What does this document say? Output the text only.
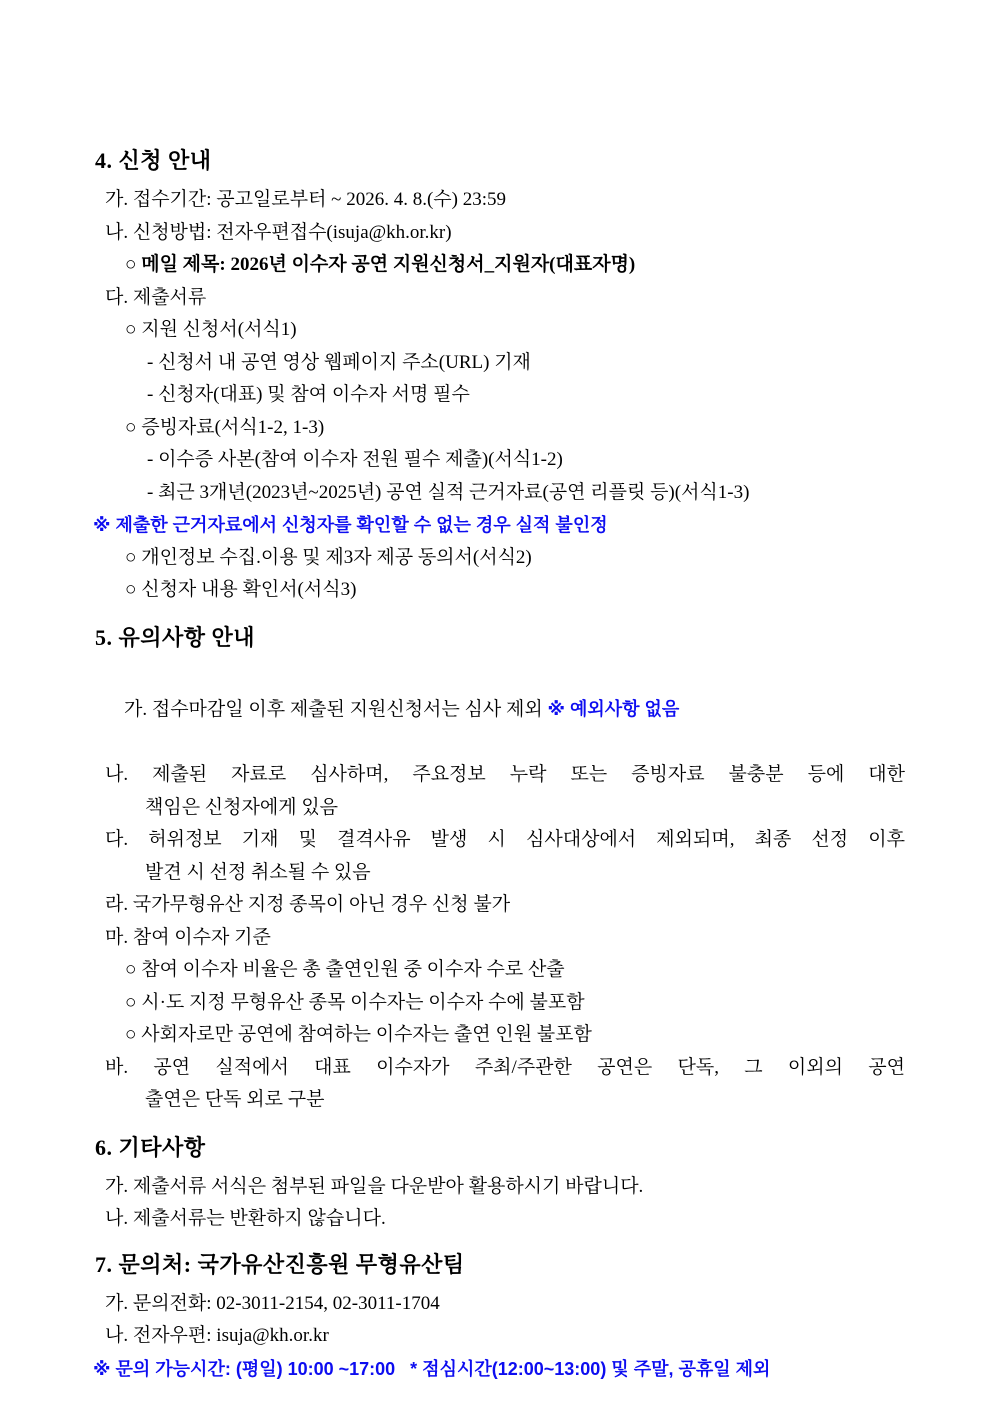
4. 신청 안내
가. 접수기간: 공고일로부터 ~ 2026. 4. 8.(수) 23:59
나. 신청방법: 전자우편접수(isuja@kh.or.kr)
○ 메일 제목: 2026년 이수자 공연 지원신청서_지원자(대표자명)
다. 제출서류
○ 지원 신청서(서식1)
- 신청서 내 공연 영상 웹페이지 주소(URL) 기재
- 신청자(대표) 및 참여 이수자 서명 필수
○ 증빙자료(서식1-2, 1-3)
- 이수증 사본(참여 이수자 전원 필수 제출)(서식1-2)
- 최근 3개년(2023년~2025년) 공연 실적 근거자료(공연 리플릿 등)(서식1-3)
※ 제출한 근거자료에서 신청자를 확인할 수 없는 경우 실적 불인정
○ 개인정보 수집.이용 및 제3자 제공 동의서(서식2)
○ 신청자 내용 확인서(서식3)
5. 유의사항 안내

가. 접수마감일 이후 제출된 지원신청서는 심사 제외 ※ 예외사항 없음

나. 제출된 자료로 심사하며, 주요정보 누락 또는 증빙자료 불충분 등에 대한
책임은 신청자에게 있음
다. 허위정보 기재 및 결격사유 발생 시 심사대상에서 제외되며, 최종 선정 이후
발견 시 선정 취소될 수 있음
라. 국가무형유산 지정 종목이 아닌 경우 신청 불가
마. 참여 이수자 기준
○ 참여 이수자 비율은 총 출연인원 중 이수자 수로 산출
○ 시·도 지정 무형유산 종목 이수자는 이수자 수에 불포함
○ 사회자로만 공연에 참여하는 이수자는 출연 인원 불포함
바. 공연 실적에서 대표 이수자가 주최/주관한 공연은 단독, 그 이외의 공연
출연은 단독 외로 구분
6. 기타사항
가. 제출서류 서식은 첨부된 파일을 다운받아 활용하시기 바랍니다.
나. 제출서류는 반환하지 않습니다.
7. 문의처: 국가유산진흥원 무형유산팀
가. 문의전화: 02-3011-2154, 02-3011-1704
나. 전자우편: isuja@kh.or.kr
※ 문의 가능시간: (평일) 10:00 ~17:00   * 점심시간(12:00~13:00) 및 주말, 공휴일 제외
